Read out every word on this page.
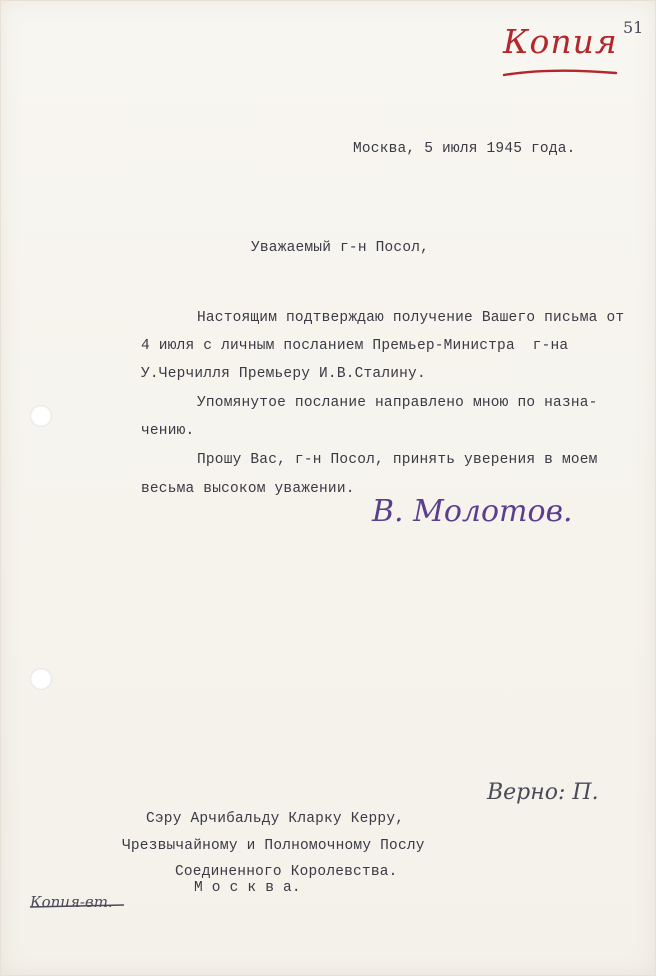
Копия 51
Москва, 5 июля 1945 года.
Уважаемый г-н Посол,
Настоящим подтверждаю получение Вашего письма от
4 июля с личным посланием Премьер-Министра  г-на
У.Черчилля Премьеру И.В.Сталину.
Упомянутое послание направлено мною по назна-
чению.
Прошу Вас, г-н Посол, принять уверения в моем
весьма высоком уважении.
В. Молотов.
Верно: П.
Сэру Арчибальду Кларку Керру,
Чрезвычайному и Полномочному Послу
Соединенного Королевства.
М о с к в а.
Копия-вт.
